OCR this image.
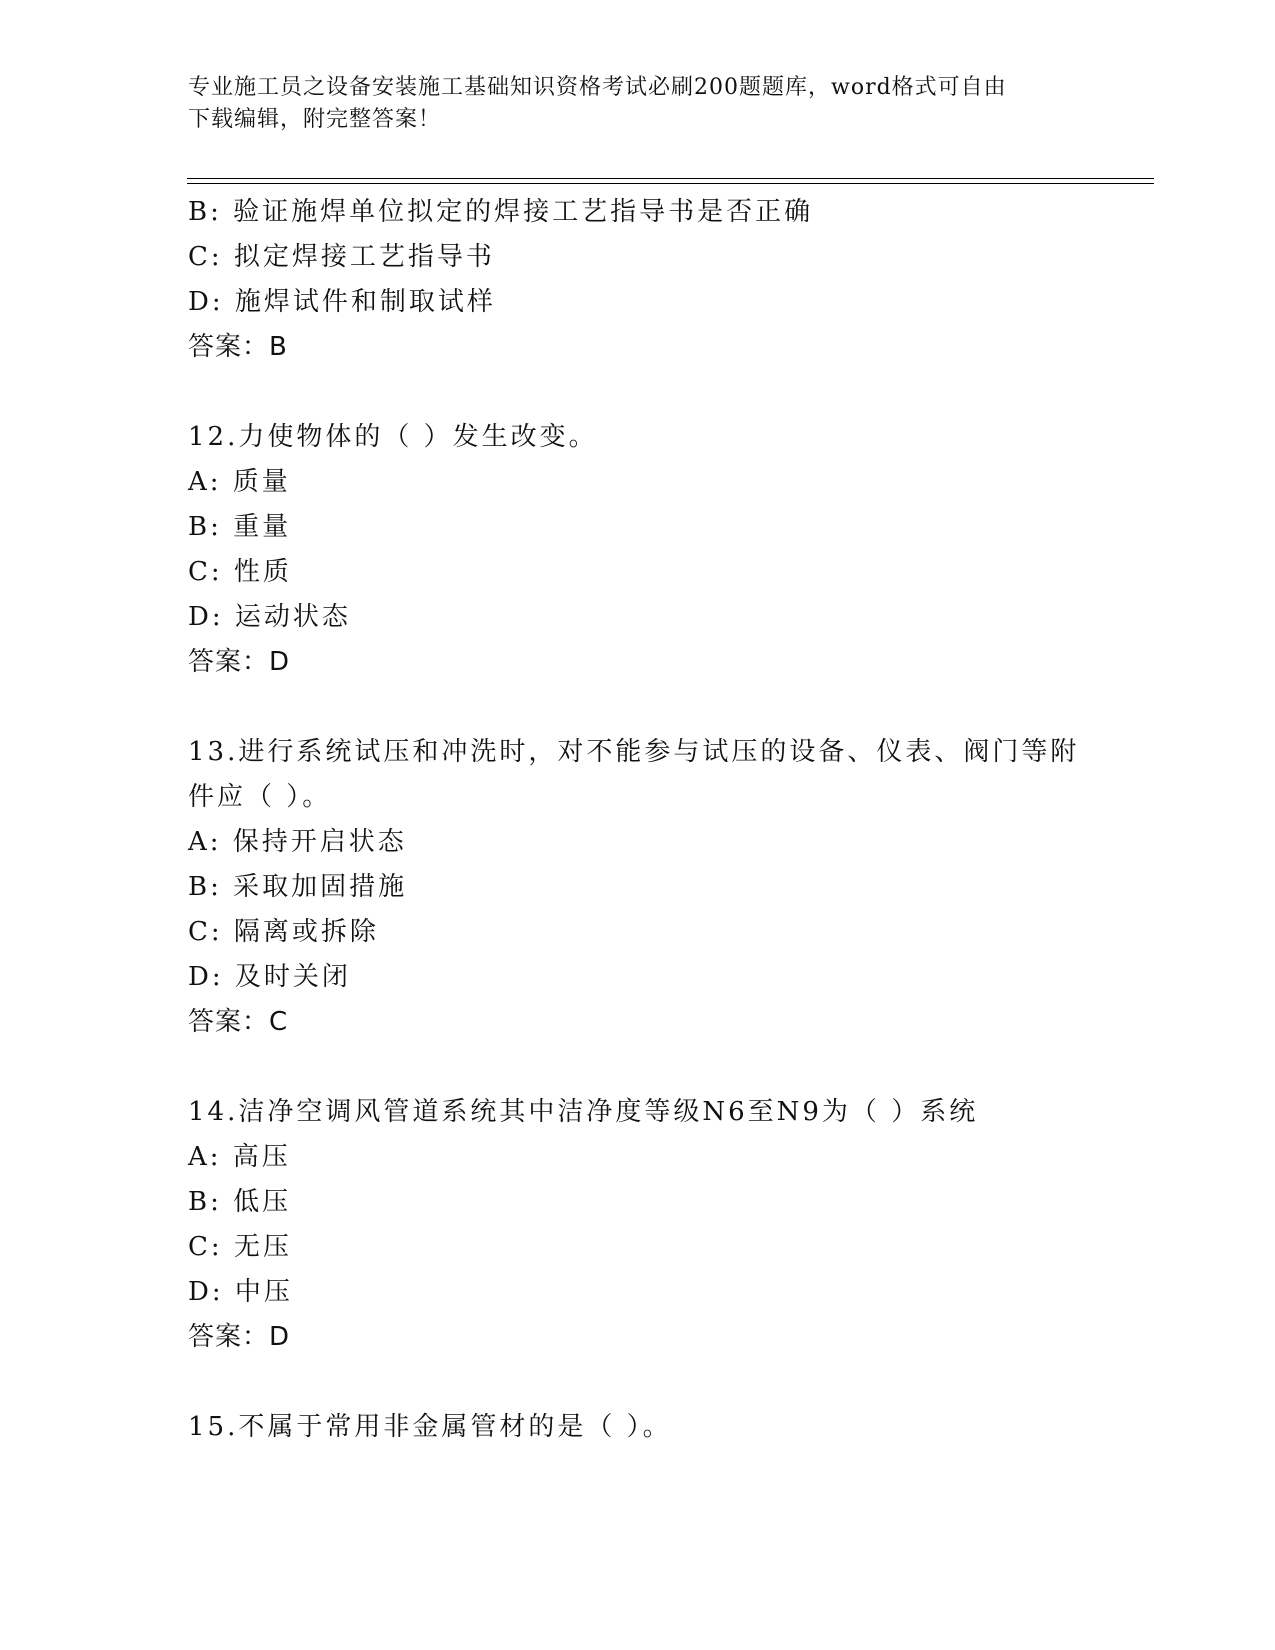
专业施工员之设备安装施工基础知识资格考试必刷200题题库，word格式可自由
下载编辑，附完整答案！
B: 验证施焊单位拟定的焊接工艺指导书是否正确
C: 拟定焊接工艺指导书
D: 施焊试件和制取试样
答案：B
12.力使物体的（ ）发生改变。
A: 质量
B: 重量
C: 性质
D: 运动状态
答案：D
13.进行系统试压和冲洗时，对不能参与试压的设备、仪表、阀门等附
件应（ ）。
A: 保持开启状态
B: 采取加固措施
C: 隔离或拆除
D: 及时关闭
答案：C
14.洁净空调风管道系统其中洁净度等级N6至N9为（ ）系统
A: 高压
B: 低压
C: 无压
D: 中压
答案：D
15.不属于常用非金属管材的是（ ）。
